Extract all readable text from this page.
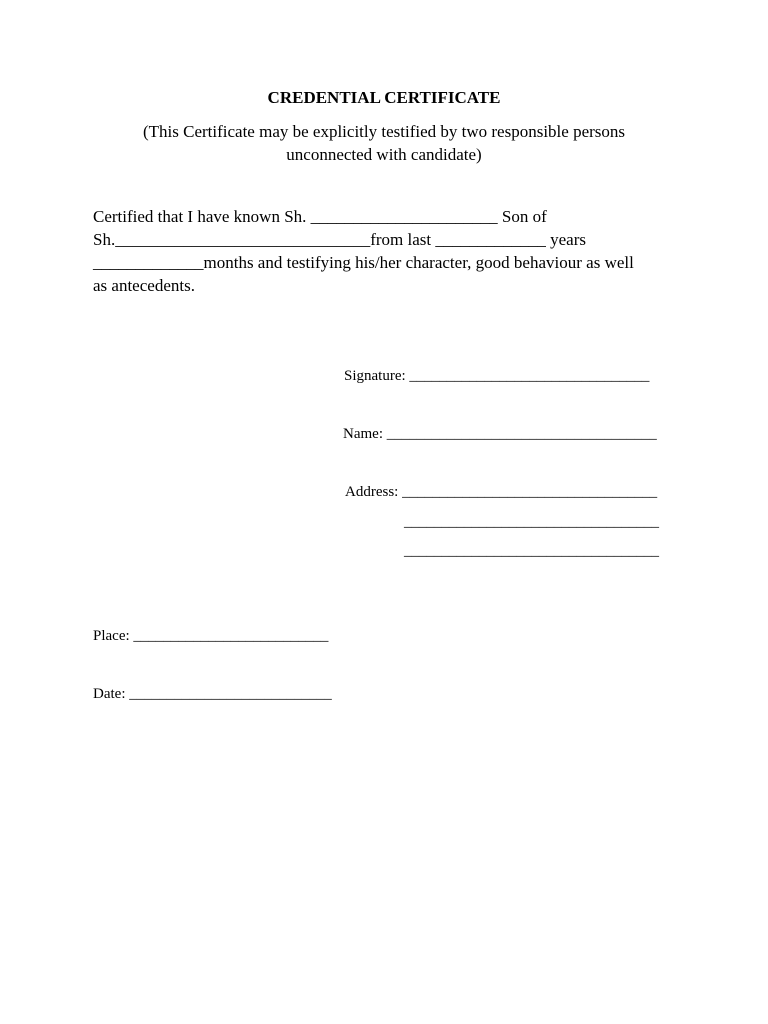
CREDENTIAL CERTIFICATE
(This Certificate may be explicitly testified by two responsible persons unconnected with candidate)
Certified that I have known Sh. ______________________ Son of
Sh.______________________________from last _____________ years
_____________months and testifying his/her character, good behaviour as well
as antecedents.
Signature: ________________________________
Name: ____________________________________
Address: __________________________________
__________________________________
__________________________________
Place: __________________________
Date: ___________________________
